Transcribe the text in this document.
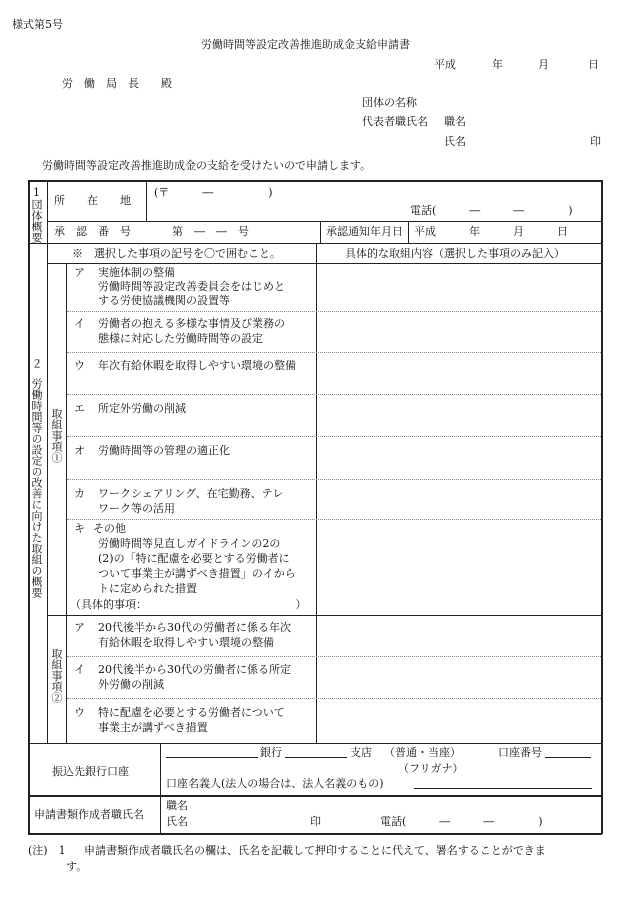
様式第5号
労働時間等設定改善推進助成金支給申請書
平成	年	月	日
労　働　局　長　　殿
団体の名称
代表者職氏名 職名
氏名	印
労働時間等設定改善推進助成金の支給を受けたいので申請します。
1団体概要 所　　在　　地
(〒　　　―　　　　　)
電話(　　　―　　　―　　　　)
承　認　番　号	第　―　―　号	承認通知年月日 平成　　　年　　　月　　　日
２

労働時間等の設定の改善に向けた取組の概要
※　選択した事項の記号を〇で囲むこと。	具体的な取組内容（選択した事項のみ記入）
取組事項①
ア 実施体制の整備
労働時間等設定改善委員会をはじめと
する労使協議機関の設置等
イ 労働者の抱える多様な事情及び業務の
態様に対応した労働時間等の設定
ウ 年次有給休暇を取得しやすい環境の整備
エ 所定外労働の削減
オ 労働時間等の管理の適正化
カ ワークシェアリング、在宅勤務、テレ
ワーク等の活用
キ その他
労働時間等見直しガイドラインの2の
(2)の「特に配慮を必要とする労働者に
ついて事業主が講ずべき措置」のイから
トに定められた措置
（具体的事項：　　　　　　　　　　　　　　）
取組事項②
ア 20代後半から30代の労働者に係る年次
有給休暇を取得しやすい環境の整備
イ 20代後半から30代の労働者に係る所定
外労働の削減
ウ 特に配慮を必要とする労働者について
事業主が講ずべき措置
振込先銀行口座
銀行	支店 （普通・当座）	口座番号
（フリガナ）
口座名義人(法人の場合は、法人名義のもの)
申請書類作成者職氏名
職名
氏名	印	電話(　　　―　　　―　　　　)
(注)　1 申請書類作成者職氏名の欄は、氏名を記載して押印することに代えて、署名することができま
す。
